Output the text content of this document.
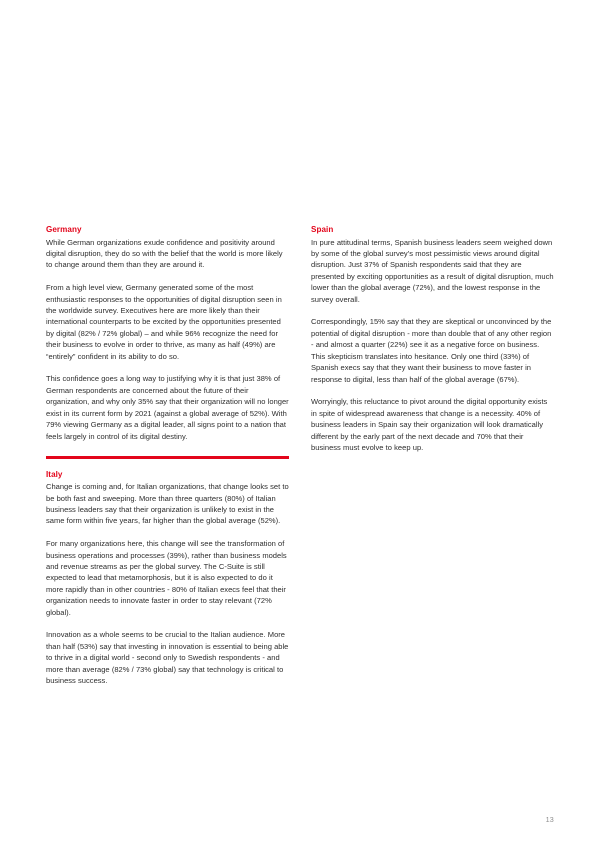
Germany

While German organizations exude confidence and positivity around digital disruption, they do so with the belief that the world is more likely to change around them than they are around it.

From a high level view, Germany generated some of the most enthusiastic responses to the opportunities of digital disruption seen in the worldwide survey. Executives here are more likely than their international counterparts to be excited by the opportunities presented by digital (82% / 72% global) – and while 96% recognize the need for their business to evolve in order to thrive, as many as half (49%) are “entirely” confident in its ability to do so.

This confidence goes a long way to justifying why it is that just 38% of German respondents are concerned about the future of their organization, and why only 35% say that their organization will no longer exist in its current form by 2021 (against a global average of 52%). With 79% viewing Germany as a digital leader, all signs point to a nation that feels largely in control of its digital destiny.

Italy

Change is coming and, for Italian organizations, that change looks set to be both fast and sweeping. More than three quarters (80%) of Italian business leaders say that their organization is unlikely to exist in the same form within five years, far higher than the global average (52%).

For many organizations here, this change will see the transformation of business operations and processes (39%), rather than business models and revenue streams as per the global survey. The C-Suite is still expected to lead that metamorphosis, but it is also expected to do it more rapidly than in other countries - 80% of Italian execs feel that their organization needs to innovate faster in order to stay relevant (72% global).

Innovation as a whole seems to be crucial to the Italian audience. More than half (53%) say that investing in innovation is essential to being able to thrive in a digital world - second only to Swedish respondents - and more than average (82% / 73% global) say that technology is critical to business success.

Spain

In pure attitudinal terms, Spanish business leaders seem weighed down by some of the global survey’s most pessimistic views around digital disruption. Just 37% of Spanish respondents said that they are presented by exciting opportunities as a result of digital disruption, much lower than the global average (72%), and the lowest response in the survey overall.

Correspondingly, 15% say that they are skeptical or unconvinced by the potential of digital disruption - more than double that of any other region - and almost a quarter (22%) see it as a negative force on business. This skepticism translates into hesitance. Only one third (33%) of Spanish execs say that they want their business to move faster in response to digital, less than half of the global average (67%).

Worryingly, this reluctance to pivot around the digital opportunity exists in spite of widespread awareness that change is a necessity. 40% of business leaders in Spain say their organization will look dramatically different by the early part of the next decade and 70% that their business must evolve to keep up.

13
